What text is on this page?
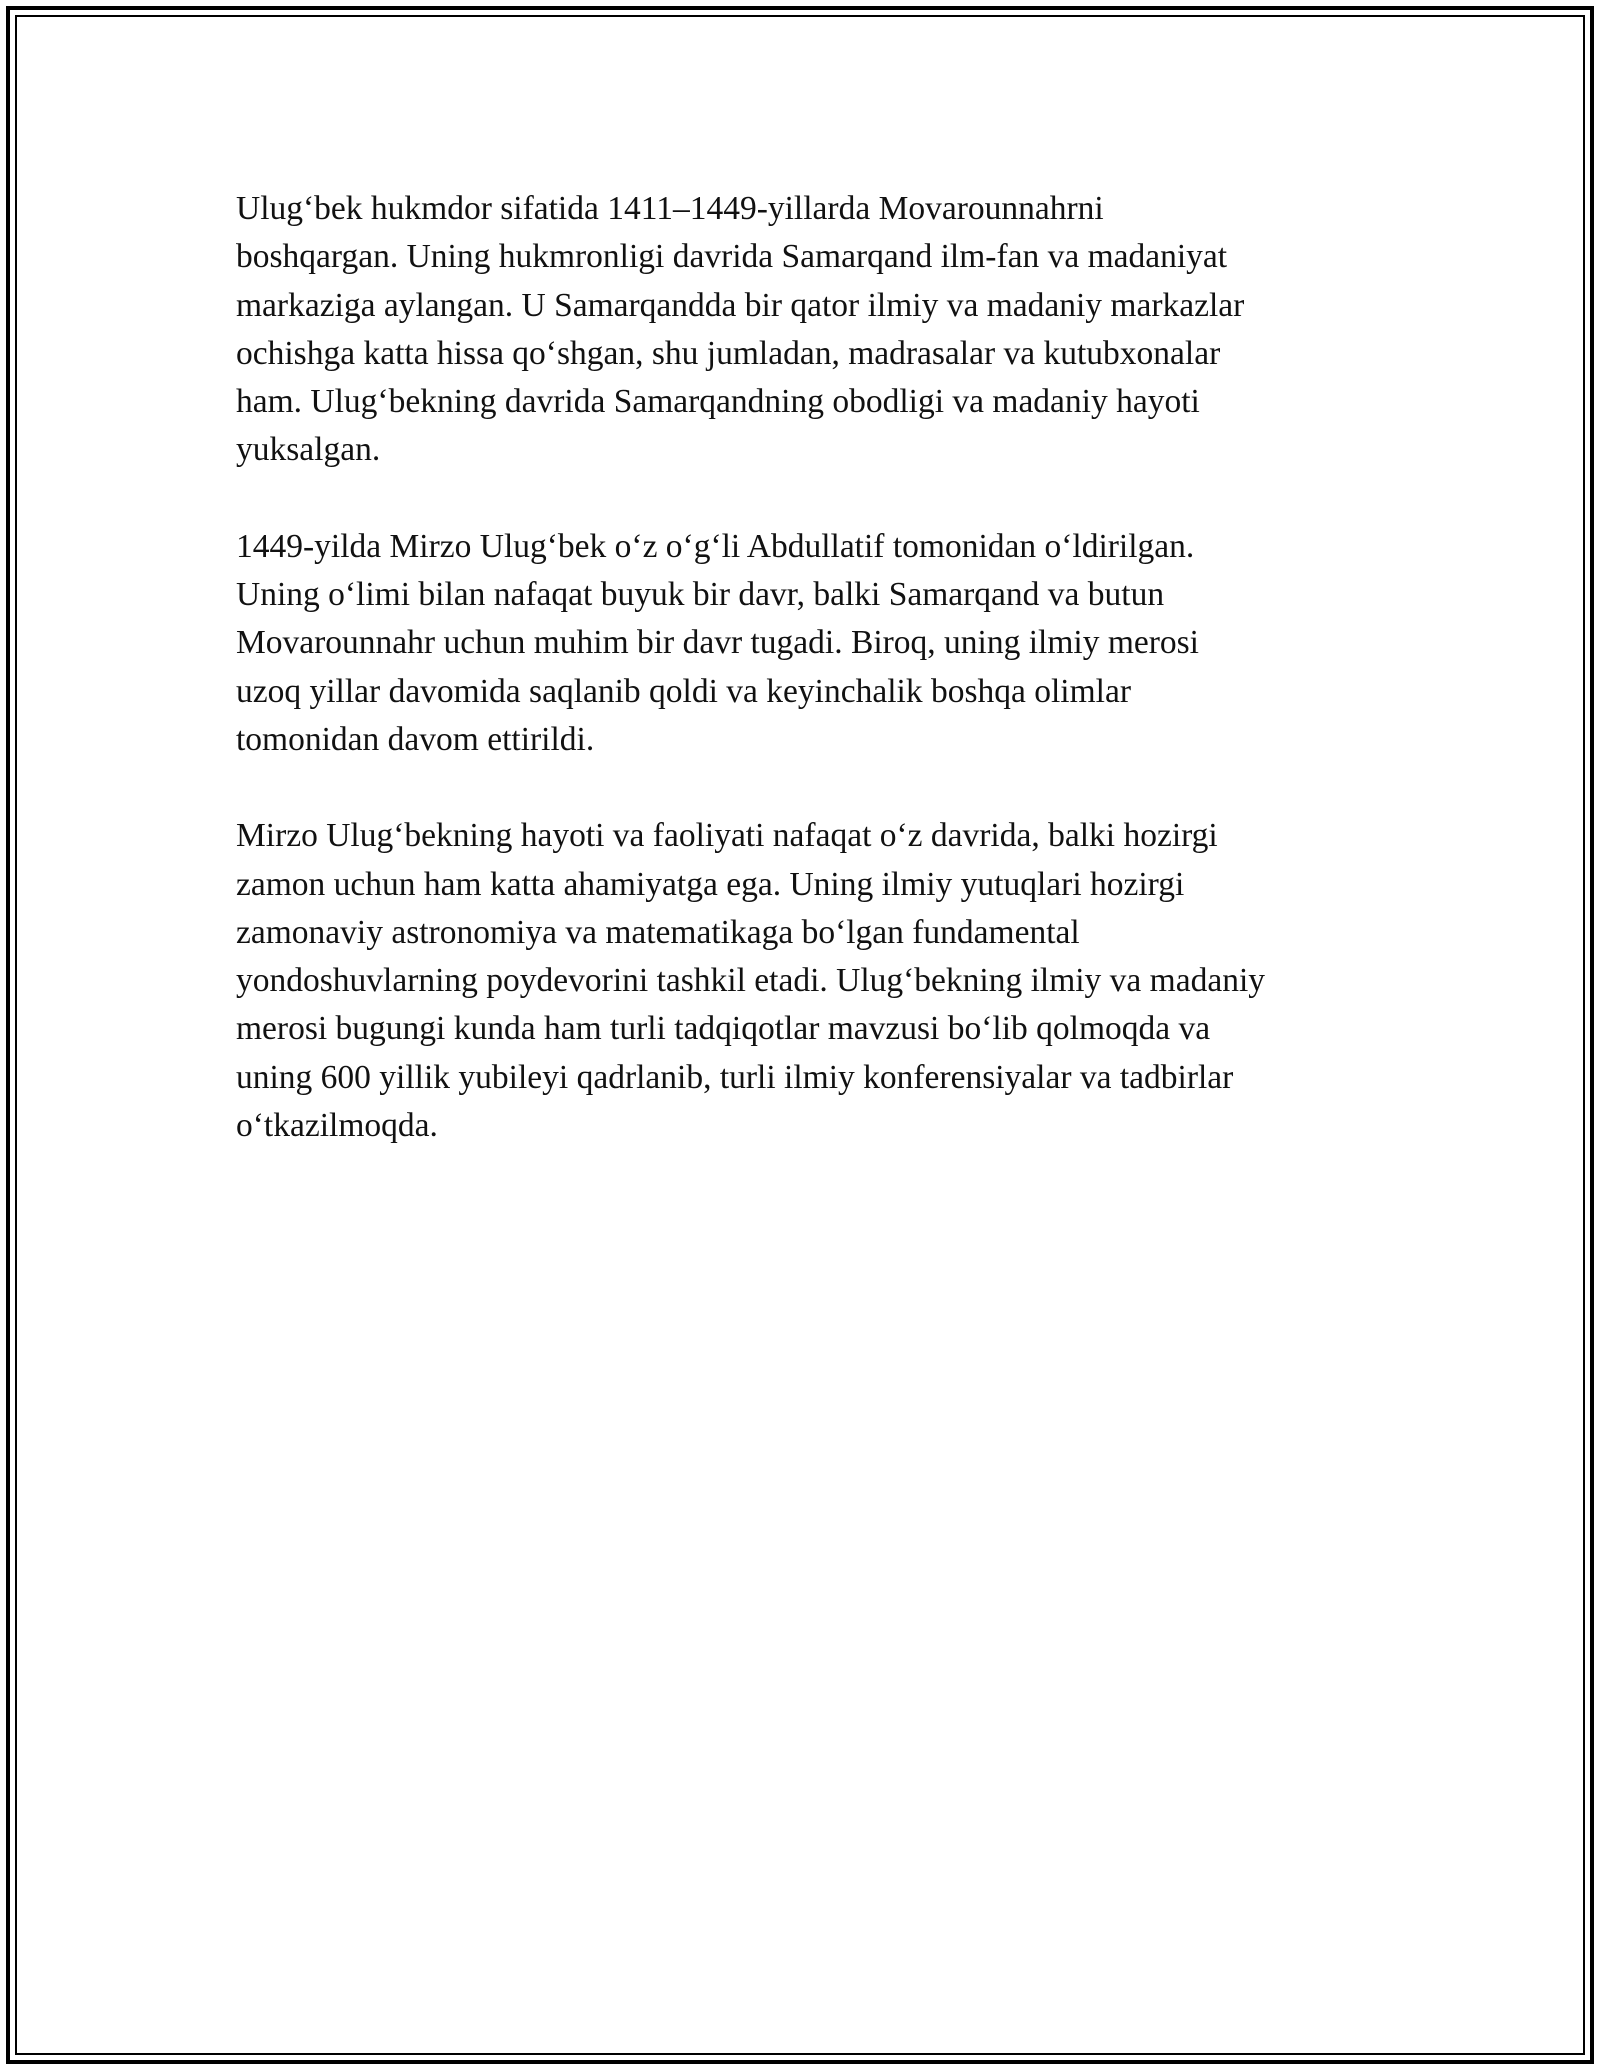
Ulug‘bek hukmdor sifatida 1411–1449-yillarda Movarounnahrni
boshqargan. Uning hukmronligi davrida Samarqand ilm-fan va madaniyat
markaziga aylangan. U Samarqandda bir qator ilmiy va madaniy markazlar
ochishga katta hissa qo‘shgan, shu jumladan, madrasalar va kutubxonalar
ham. Ulug‘bekning davrida Samarqandning obodligi va madaniy hayoti
yuksalgan.

1449-yilda Mirzo Ulug‘bek o‘z o‘g‘li Abdullatif tomonidan o‘ldirilgan.
Uning o‘limi bilan nafaqat buyuk bir davr, balki Samarqand va butun
Movarounnahr uchun muhim bir davr tugadi. Biroq, uning ilmiy merosi
uzoq yillar davomida saqlanib qoldi va keyinchalik boshqa olimlar
tomonidan davom ettirildi.

Mirzo Ulug‘bekning hayoti va faoliyati nafaqat o‘z davrida, balki hozirgi
zamon uchun ham katta ahamiyatga ega. Uning ilmiy yutuqlari hozirgi
zamonaviy astronomiya va matematikaga bo‘lgan fundamental
yondoshuvlarning poydevorini tashkil etadi. Ulug‘bekning ilmiy va madaniy
merosi bugungi kunda ham turli tadqiqotlar mavzusi bo‘lib qolmoqda va
uning 600 yillik yubileyi qadrlanib, turli ilmiy konferensiyalar va tadbirlar
o‘tkazilmoqda.
